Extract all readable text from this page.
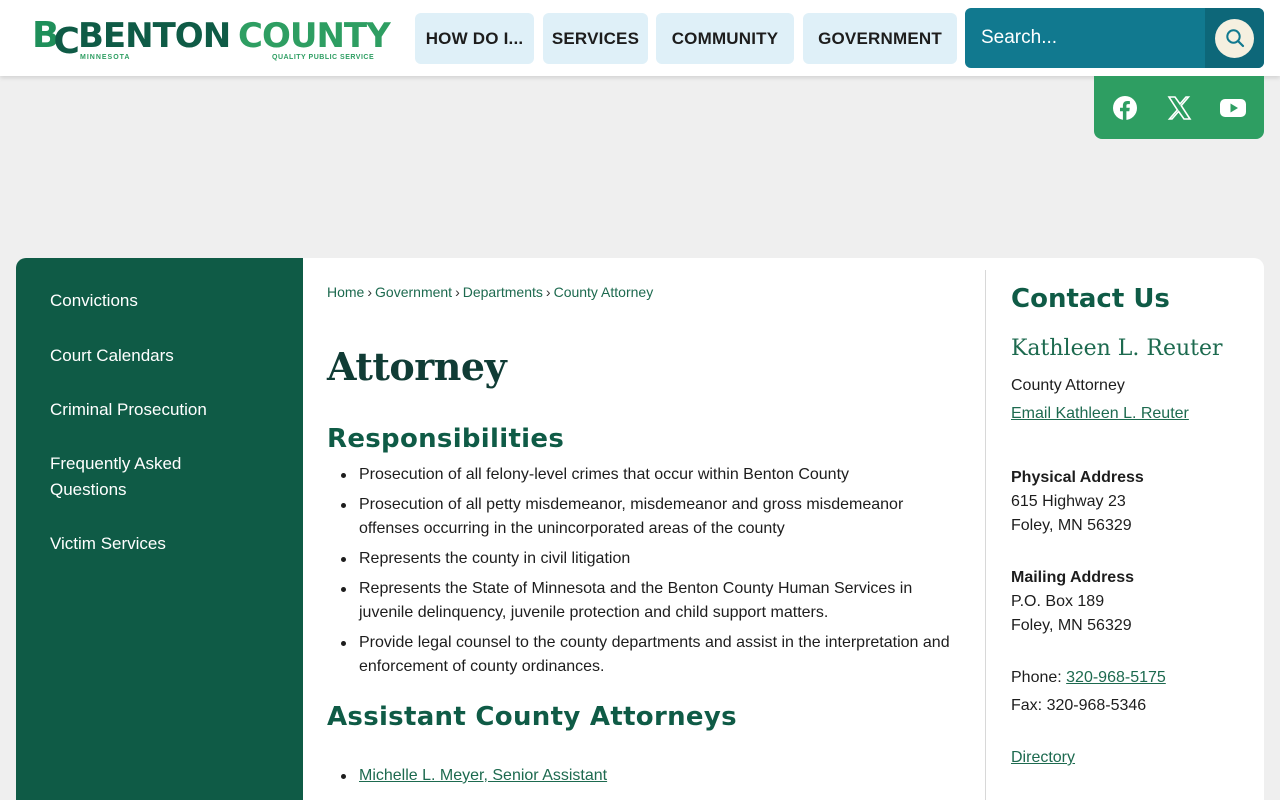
BC BENTON COUNTY
MINNESOTA	QUALITY PUBLIC SERVICE
HOW DO I...	SERVICES	COMMUNITY	GOVERNMENT
Search...
Convictions
Court Calendars
Criminal Prosecution
Frequently Asked Questions
Victim Services
Home › Government › Departments › County Attorney
Attorney
Responsibilities
Prosecution of all felony-level crimes that occur within Benton County
Prosecution of all petty misdemeanor, misdemeanor and gross misdemeanor offenses occurring in the unincorporated areas of the county
Represents the county in civil litigation
Represents the State of Minnesota and the Benton County Human Services in juvenile delinquency, juvenile protection and child support matters.
Provide legal counsel to the county departments and assist in the interpretation and enforcement of county ordinances.
Assistant County Attorneys
Michelle L. Meyer, Senior Assistant
Contact Us
Kathleen L. Reuter
County Attorney
Email Kathleen L. Reuter
Physical Address
615 Highway 23
Foley, MN 56329
Mailing Address
P.O. Box 189
Foley, MN 56329
Phone: 320-968-5175
Fax: 320-968-5346
Directory
